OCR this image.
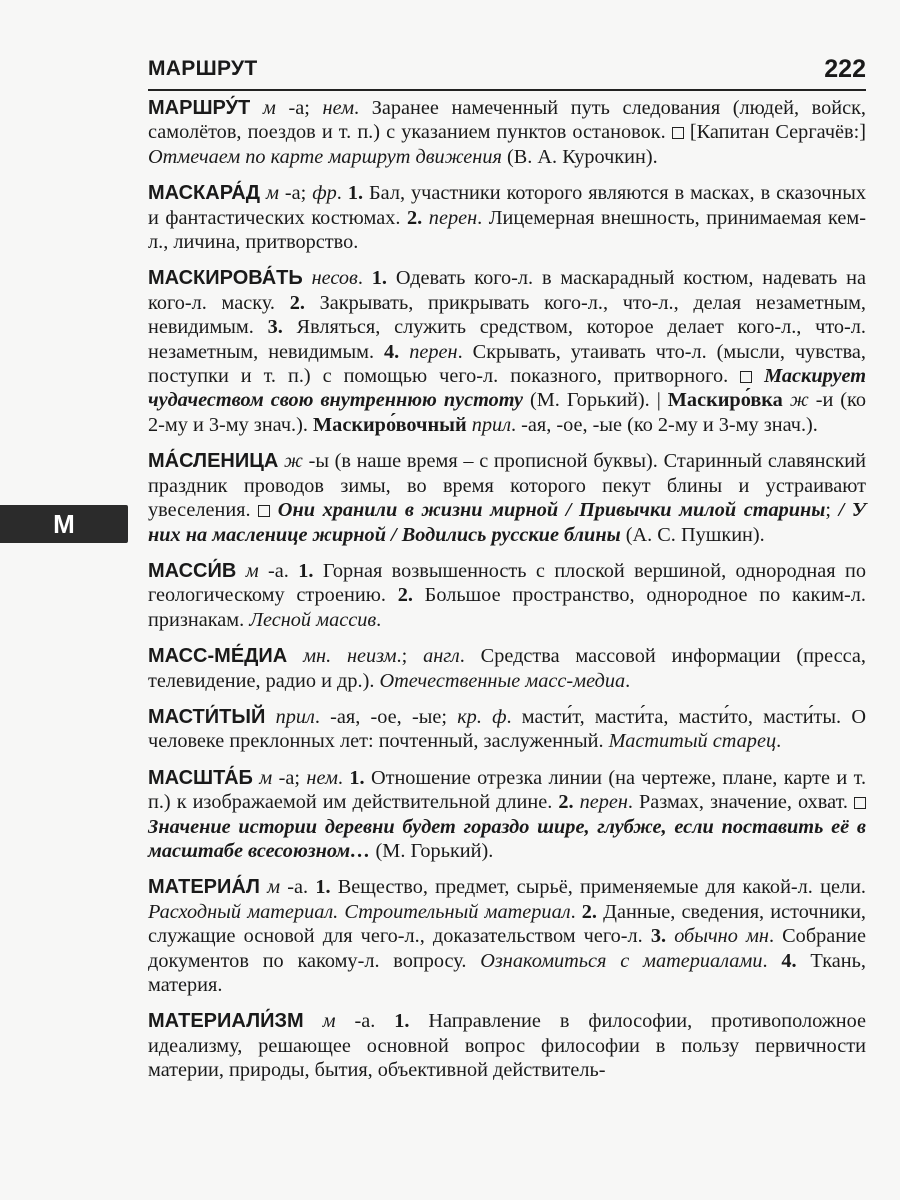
МАРШРУТ	222
М

МАРШРУ́Т м -а; нем. Заранее намеченный путь следования (людей, войск, самолётов, поездов и т. п.) с указанием пунктов остановок.  [Капитан Сергачёв:] Отмечаем по карте маршрут движения (В. А. Курочкин).

МАСКАРА́Д м -а; фр. 1. Бал, участники которого являются в масках, в сказочных и фантастических костюмах. 2. перен. Лицемерная внешность, принимаемая кем-л., личина, притворство.

МАСКИРОВА́ТЬ несов. 1. Одевать кого-л. в маскарадный костюм, надевать на кого-л. маску. 2. Закрывать, прикрывать кого-л., что-л., делая незаметным, невидимым. 3. Являться, служить средством, которое делает кого-л., что-л. незаметным, невидимым. 4. перен. Скрывать, утаивать что-л. (мысли, чувства, поступки и т. п.) с помощью чего-л. показного, притворного.  Маскирует чудачеством свою внутреннюю пустоту (М. Горький). | Маскиро́вка ж -и (ко 2-му и 3-му знач.). Маскиро́вочный прил. -ая, -ое, -ые (ко 2-му и 3-му знач.).

МА́СЛЕНИЦА ж -ы (в наше время – с прописной буквы). Старинный славянский праздник проводов зимы, во время которого пекут блины и устраивают увеселения.  Они хранили в жизни мирной / Привычки милой старины; / У них на масленице жирной / Водились русские блины (А. С. Пушкин).

МАССИ́В м -а. 1. Горная возвышенность с плоской вершиной, однородная по геологическому строению. 2. Большое пространство, однородное по каким-л. признакам. Лесной массив.

МАСС-МЕ́ДИА мн. неизм.; англ. Средства массовой информации (пресса, телевидение, радио и др.). Отечественные масс-медиа.

МАСТИ́ТЫЙ прил. -ая, -ое, -ые; кр. ф. масти́т, масти́та, масти́то, масти́ты. О человеке преклонных лет: почтенный, заслуженный. Маститый старец.

МАСШТА́Б м -а; нем. 1. Отношение отрезка линии (на чертеже, плане, карте и т. п.) к изображаемой им действительной длине. 2. перен. Размах, значение, охват.  Значение истории деревни будет гораздо шире, глубже, если поставить её в масштабе всесоюзном… (М. Горький).

МАТЕРИА́Л м -а. 1. Вещество, предмет, сырьё, применяемые для какой-л. цели. Расходный материал. Строительный материал. 2. Данные, сведения, источники, служащие основой для чего-л., доказательством чего-л. 3. обычно мн. Собрание документов по какому-л. вопросу. Ознакомиться с материалами. 4. Ткань, материя.

МАТЕРИАЛИ́ЗМ м -а. 1. Направление в философии, противоположное идеализму, решающее основной вопрос философии в пользу первичности материи, природы, бытия, объективной действитель-
